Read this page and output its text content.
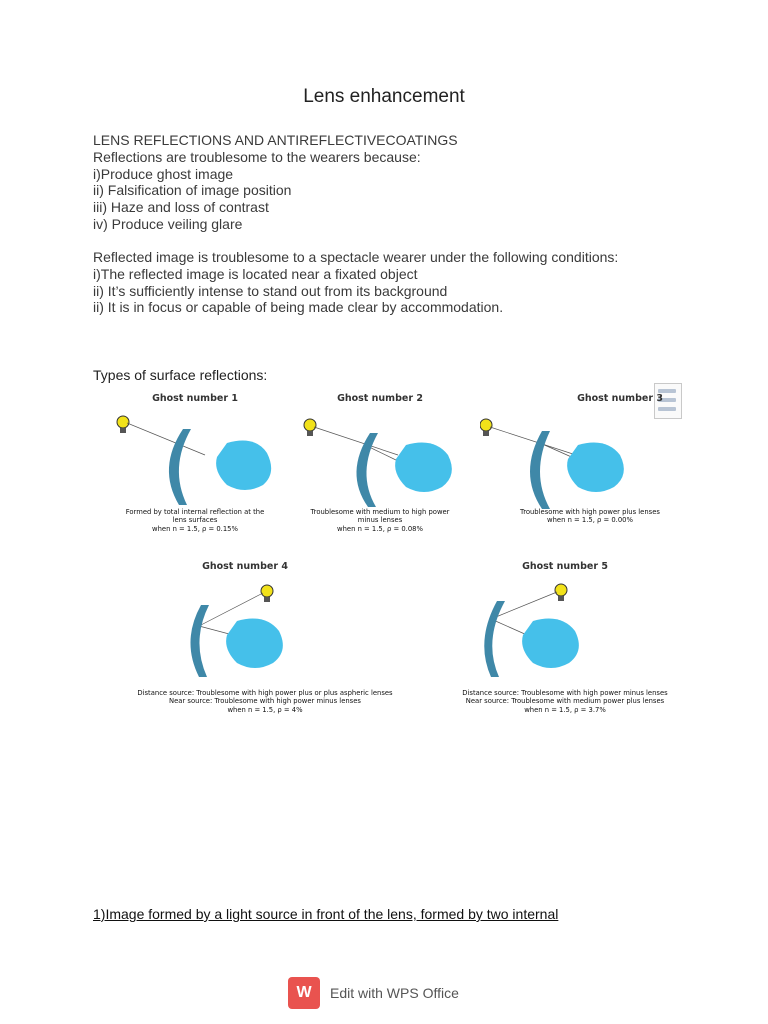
Lens enhancement
LENS REFLECTIONS AND ANTIREFLECTIVECOATINGS
Reflections are troublesome to the wearers because:
i)Produce ghost image
ii) Falsification of image position
iii) Haze and loss of contrast
iv) Produce veiling glare
Reflected image is troublesome to a spectacle wearer under the following conditions:
i)The reflected image is located near a fixated object
ii) It’s sufficiently intense to stand out from its background
ii) It is in focus or capable of being made clear by accommodation.
Types of surface reflections:
Ghost number 1
Formed by total internal reflection at the
lens surfaces
when n = 1.5, ρ = 0.15%
Ghost number 2
Troublesome with medium to high power
minus lenses
when n = 1.5, ρ = 0.08%
Ghost number 3
Troublesome with high power plus lenses
when n = 1.5, ρ = 0.00%
Ghost number 4
Distance source: Troublesome with high power plus or plus aspheric lenses
Near source: Troublesome with high power minus lenses
when n = 1.5, ρ = 4%
Ghost number 5
Distance source: Troublesome with high power minus lenses
Near source: Troublesome with medium power plus lenses
when n = 1.5, ρ = 3.7%
1)Image formed by a light source in front of the lens, formed by two internal
W Edit with WPS Office
